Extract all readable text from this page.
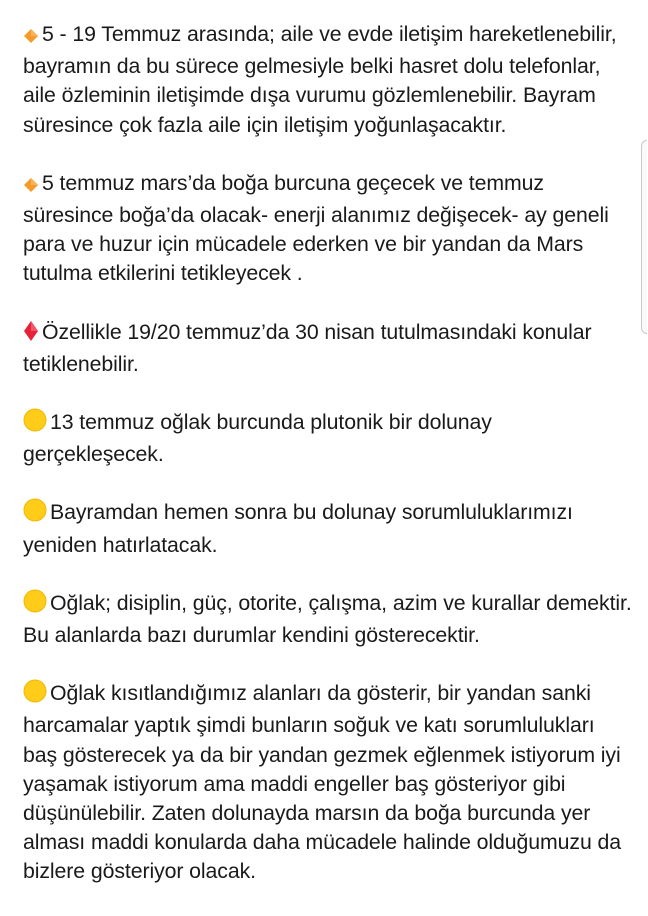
5 - 19 Temmuz arasında; aile ve evde iletişim hareketlenebilir, bayramın da bu sürece gelmesiyle belki hasret dolu telefonlar, aile özleminin iletişimde dışa vurumu gözlemlenebilir. Bayram süresince çok fazla aile için iletişim yoğunlaşacaktır.

5 temmuz mars’da boğa burcuna geçecek ve temmuz süresince boğa’da olacak- enerji alanımız değişecek- ay geneli para ve huzur için mücadele ederken ve bir yandan da Mars tutulma etkilerini tetikleyecek .

Özellikle 19/20 temmuz’da 30 nisan tutulmasındaki konular tetiklenebilir.

13 temmuz oğlak burcunda plutonik bir dolunay gerçekleşecek.

Bayramdan hemen sonra bu dolunay sorumluluklarımızı yeniden hatırlatacak.

Oğlak; disiplin, güç, otorite, çalışma, azim ve kurallar demektir. Bu alanlarda bazı durumlar kendini gösterecektir.

Oğlak kısıtlandığımız alanları da gösterir, bir yandan sanki harcamalar yaptık şimdi bunların soğuk ve katı sorumlulukları baş gösterecek ya da bir yandan gezmek eğlenmek istiyorum iyi yaşamak istiyorum ama maddi engeller baş gösteriyor gibi düşünülebilir. Zaten dolunayda marsın da boğa burcunda yer alması maddi konularda daha mücadele halinde olduğumuzu da bizlere gösteriyor olacak.
